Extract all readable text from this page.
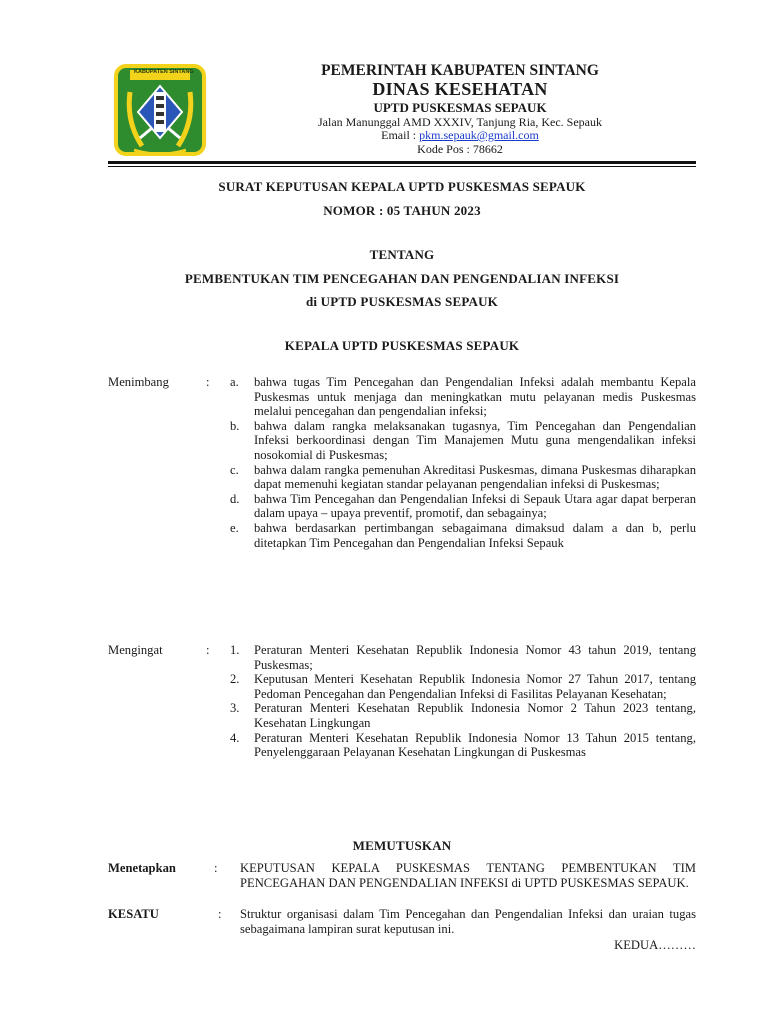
KABUPATEN SINTANG	PEMERINTAH KABUPATEN SINTANG
DINAS KESEHATAN
UPTD PUSKESMAS SEPAUK
Jalan Manunggal AMD XXXIV, Tanjung Ria, Kec. Sepauk
Email : pkm.sepauk@gmail.com
Kode Pos : 78662
SURAT KEPUTUSAN KEPALA UPTD PUSKESMAS SEPAUK
NOMOR : 05 TAHUN 2023
TENTANG
PEMBENTUKAN TIM PENCEGAHAN DAN PENGENDALIAN INFEKSI
di UPTD PUSKESMAS SEPAUK
KEPALA UPTD PUSKESMAS SEPAUK
Menimbang	: a. bahwa tugas Tim Pencegahan dan Pengendalian Infeksi adalah membantu Kepala Puskesmas untuk menjaga dan meningkatkan mutu pelayanan medis Puskesmas melalui pencegahan dan pengendalian infeksi;
b. bahwa dalam rangka melaksanakan tugasnya, Tim Pencegahan dan Pengendalian Infeksi berkoordinasi dengan Tim Manajemen Mutu guna mengendalikan infeksi nosokomial di Puskesmas;
c. bahwa dalam rangka pemenuhan Akreditasi Puskesmas, dimana Puskesmas diharapkan dapat memenuhi kegiatan standar pelayanan pengendalian infeksi di Puskesmas;
d. bahwa Tim Pencegahan dan Pengendalian Infeksi di Sepauk Utara agar dapat berperan dalam upaya – upaya preventif, promotif, dan sebagainya;
e. bahwa berdasarkan pertimbangan sebagaimana dimaksud dalam a dan b, perlu ditetapkan Tim Pencegahan dan Pengendalian Infeksi Sepauk
Mengingat	: 1. Peraturan Menteri Kesehatan Republik Indonesia Nomor 43 tahun 2019, tentang Puskesmas;
2. Keputusan Menteri Kesehatan Republik Indonesia Nomor 27 Tahun 2017, tentang Pedoman Pencegahan dan Pengendalian Infeksi di Fasilitas Pelayanan Kesehatan;
3. Peraturan Menteri Kesehatan Republik Indonesia Nomor 2 Tahun 2023 tentang, Kesehatan Lingkungan
4. Peraturan Menteri Kesehatan Republik Indonesia Nomor 13 Tahun 2015 tentang, Penyelenggaraan Pelayanan Kesehatan Lingkungan di Puskesmas
MEMUTUSKAN
Menetapkan	: KEPUTUSAN KEPALA PUSKESMAS TENTANG PEMBENTUKAN TIM PENCEGAHAN DAN PENGENDALIAN INFEKSI di UPTD PUSKESMAS SEPAUK.
KESATU	: Struktur organisasi dalam Tim Pencegahan dan Pengendalian Infeksi dan uraian tugas sebagaimana lampiran surat keputusan ini.
KEDUA………
